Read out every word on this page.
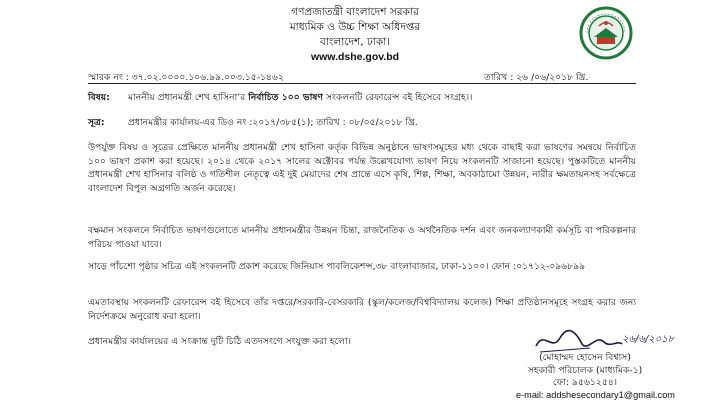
গণপ্রজাতন্ত্রী বাংলাদেশ সরকার
মাধ্যমিক ও উচ্চ শিক্ষা অধিদপ্তর
বাংলাদেশ, ঢাকা।
www.dshe.gov.bd
স্মারক নং : ৩৭.০২.০০০০.১০৬.৯৯.০০৩.১৫-১৪৬২	তারিখ : ২৬ /০৬/২০১৮ খ্রি.
বিষয়: মাননীয় প্রধানমন্ত্রী শেখ হাসিনা’র নির্বাচিত ১০০ ভাষণ সংকলনটি রেফারেন্স বই হিসেবে সংগ্রহ।।
সূত্র:	প্রধানমন্ত্রীর কার্যালয়-এর ডিও নং :২০১৭/৩৮৫(১); তারিখ : ০৮/০৫/২০১৮ খ্রি.
উপর্যুক্ত বিষয় ও সূত্রের প্রেক্ষিতে মাননীয় প্রধানমন্ত্রী শেখ হাসিনা কর্তৃক বিভিন্ন অনুষ্ঠানে ভাষণসমূহের মধ্য থেকে বাছাই করা ভাষণের সমন্বয়ে নির্বাচিত ১০০ ভাষণ প্রকাশ করা হয়েছে। ২০১৪ থেকে ২০১৭ সালের অক্টোবর পর্যন্ত উল্লেখযোগ্য ভাষণ নিয়ে সংকলনটি সাজানো হয়েছে। পুস্তকটিতে মাননীয় প্রধানমন্ত্রী শেখ হাসিনার বলিষ্ঠ ও গতিশীল নেতৃত্বে এই দুই মেয়াদের শেষ প্রান্তে এসে কৃষি, শিল্প, শিক্ষা, অবকাঠামো উন্নয়ন, নারীর ক্ষমতায়নসহ সর্বক্ষেত্রে বাংলাদেশ বিপুল অগ্রগতি অর্জন করেছে।
বক্ষমান সংকলনে নির্বাচিত ভাষণগুলোতে মাননীয় প্রধানমন্ত্রীর উন্নয়ন চিন্তা, রাজনৈতিক ও অর্থনৈতিক দর্শন এবং জনকল্যাণকামী কর্মসূচি বা পরিকল্পনার পরিচয় পাওয়া যাবে।
সাড়ে পাঁচশো পৃষ্ঠার সচিত্র এই সংকলনটি প্রকাশ করেছে জিনিয়াস পাবলিকেশন্স,৩৮ বাংলাবাজার, ঢাকা-১১০০। ফোন :০১৭১২-০৯৬৮৯৯
এমতাবস্থায় সংকলনটি রেফারেন্স বই হিসেবে তাঁর দপ্তরে/সরকারি-বেসরকারি (স্কুল/কলেজ/বিশ্ববিদ্যালয় কলেজ) শিক্ষা প্রতিষ্ঠানসমূহে সংগ্রহ করার জন্য নির্দেশক্রমে অনুরোধ করা হলো।
প্রধানমন্ত্রীর কার্যালয়ের এ সংক্রান্ত দুটি চিঠি এতদসংগে সংযুক্ত করা হলো।	২৬/৬/২০১৮
(মোহাম্মদ হোসেন বিশ্বাস)
সহকারী পরিচালক (মাধ্যমিক-১)
ফো: ৯৫৬১২৫৪।
e-mail: addshesecondary1@gmail.com
